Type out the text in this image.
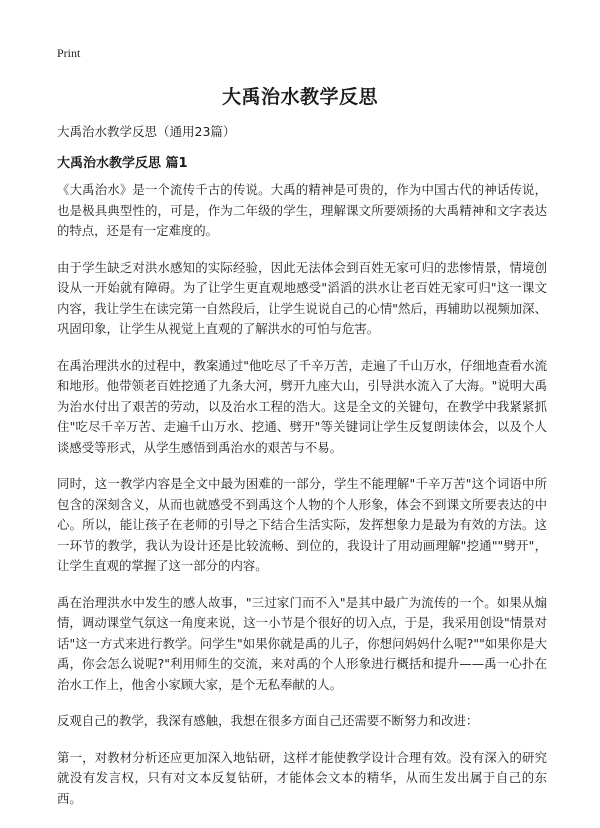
Print
大禹治水教学反思

大禹治水教学反思（通用23篇）

大禹治水教学反思 篇1

《大禹治水》是一个流传千古的传说。大禹的精神是可贵的，作为中国古代的神话传说，也是极具典型性的，可是，作为二年级的学生，理解课文所要颂扬的大禹精神和文字表达的特点，还是有一定难度的。

由于学生缺乏对洪水感知的实际经验，因此无法体会到百姓无家可归的悲惨情景，情境创设从一开始就有障碍。为了让学生更直观地感受"滔滔的洪水让老百姓无家可归"这一课文内容，我让学生在读完第一自然段后，让学生说说自己的心情"然后，再辅助以视频加深、巩固印象，让学生从视觉上直观的了解洪水的可怕与危害。

在禹治理洪水的过程中，教案通过"他吃尽了千辛万苦，走遍了千山万水，仔细地查看水流和地形。他带领老百姓挖通了九条大河，劈开九座大山，引导洪水流入了大海。"说明大禹为治水付出了艰苦的劳动，以及治水工程的浩大。这是全文的关键句，在教学中我紧紧抓住"吃尽千辛万苦、走遍千山万水、挖通、劈开"等关键词让学生反复朗读体会，以及个人谈感受等形式，从学生感悟到禹治水的艰苦与不易。

同时，这一教学内容是全文中最为困难的一部分，学生不能理解"千辛万苦"这个词语中所包含的深刻含义，从而也就感受不到禹这个人物的个人形象，体会不到课文所要表达的中心。所以，能让孩子在老师的引导之下结合生活实际，发挥想象力是最为有效的方法。这一环节的教学，我认为设计还是比较流畅、到位的，我设计了用动画理解"挖通""劈开"，让学生直观的掌握了这一部分的内容。

禹在治理洪水中发生的感人故事，"三过家门而不入"是其中最广为流传的一个。如果从煽情，调动课堂气氛这一角度来说，这一小节是个很好的切入点，于是，我采用创设"情景对话"这一方式来进行教学。问学生"如果你就是禹的儿子，你想问妈妈什么呢?""如果你是大禹，你会怎么说呢?"利用师生的交流，来对禹的个人形象进行概括和提升——禹一心扑在治水工作上，他舍小家顾大家，是个无私奉献的人。

反观自己的教学，我深有感触，我想在很多方面自己还需要不断努力和改进：

第一，对教材分析还应更加深入地钻研，这样才能使教学设计合理有效。没有深入的研究就没有发言权，只有对文本反复钻研，才能体会文本的精华，从而生发出属于自己的东西。
